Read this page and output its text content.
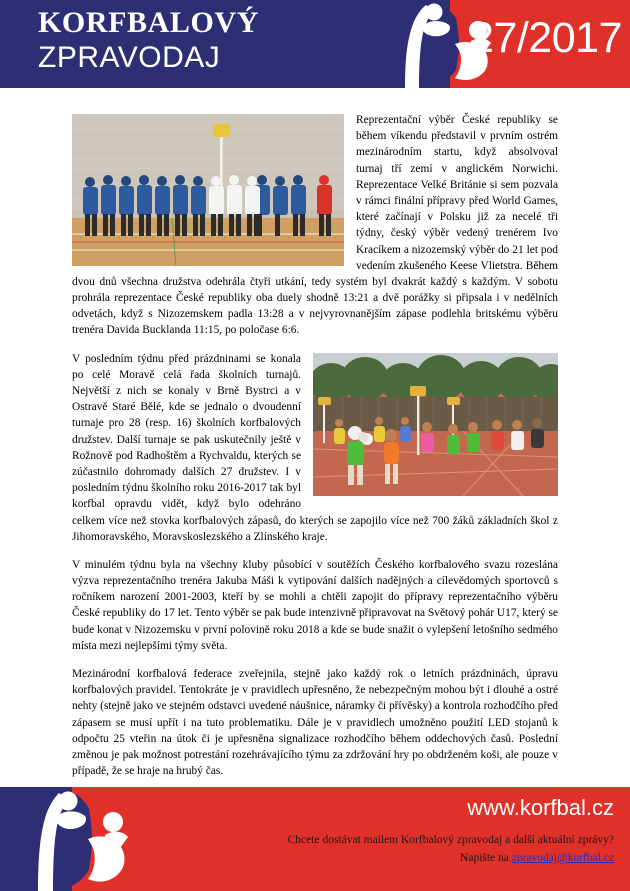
KORFBALOVÝ
ZPRAVODAJ	27/2017

Reprezentační výběr České republiky se během víkendu představil v prvním ostrém mezinárodním startu, když absolvoval turnaj tří zemí v anglickém Norwichi. Reprezentace Velké Británie si sem pozvala v rámci finální přípravy před World Games, které začínají v Polsku již za necelé tři týdny, český výběr vedený trenérem Ivo Kracíkem a nizozemský výběr do 21 let pod vedením zkušeného Keese Vlietstra. Během dvou dnů všechna družstva odehrála čtyři utkání, tedy systém byl dvakrát každý s každým. V sobotu prohrála reprezentace České republiky oba duely shodně 13:21 a dvě porážky si připsala i v nedělních odvetách, když s Nizozemskem padla 13:28 a v nejvyrovnanějším zápase podlehla britskému výběru trenéra Davida Bucklanda 11:15, po poločase 6:6.

V posledním týdnu před prázdninami se konala po celé Moravě celá řada školních turnajů. Největší z nich se konaly v Brně Bystrci a v Ostravě Staré Bělé, kde se jednalo o dvoudenní turnaje pro 28 (resp. 16) školních korfbalových družstev. Další turnaje se pak uskutečnily ještě v Rožnově pod Radhoštěm a Rychvaldu, kterých se zúčastnilo dohromady dalších 27 družstev. I v posledním týdnu školního roku 2016-2017 tak byl korfbal opravdu vidět, když bylo odehráno celkem více než stovka korfbalových zápasů, do kterých se zapojilo více než 700 žáků základních škol z Jihomoravského, Moravskoslezského a Zlínského kraje.

V minulém týdnu byla na všechny kluby působící v soutěžích Českého korfbalového svazu rozeslána výzva reprezentačního trenéra Jakuba Máši k vytipování dalších nadějných a cílevědomých sportovců s ročníkem narození 2001-2003, kteří by se mohli a chtěli zapojit do přípravy reprezentačního výběru České republiky do 17 let. Tento výběr se pak bude intenzivně připravovat na Světový pohár U17, který se bude konat v Nizozemsku v první polovině roku 2018 a kde se bude snažit o vylepšení letošního sedmého místa mezi nejlepšími týmy světa.

Mezinárodní korfbalová federace zveřejnila, stejně jako každý rok o letních prázdninách, úpravu korfbalových pravidel. Tentokráte je v pravidlech upřesněno, že nebezpečným mohou být i dlouhé a ostré nehty (stejně jako ve stejném odstavci uvedené náušnice, náramky či přívěsky) a kontrola rozhodčího před zápasem se musí upřít i na tuto problematiku. Dále je v pravidlech umožněno použití LED stojanů k odpočtu 25 vteřin na útok či je upřesněna signalizace rozhodčího během oddechových časů. Poslední změnou je pak možnost potrestání rozehrávajícího týmu za zdržování hry po obdrženém koši, ale pouze v případě, že se hraje na hrubý čas.

www.korfbal.cz
Chcete dostávat mailem Korfbalový zpravodaj a další aktuální zprávy?
Napište na zpravodaj@korfbal.cz
